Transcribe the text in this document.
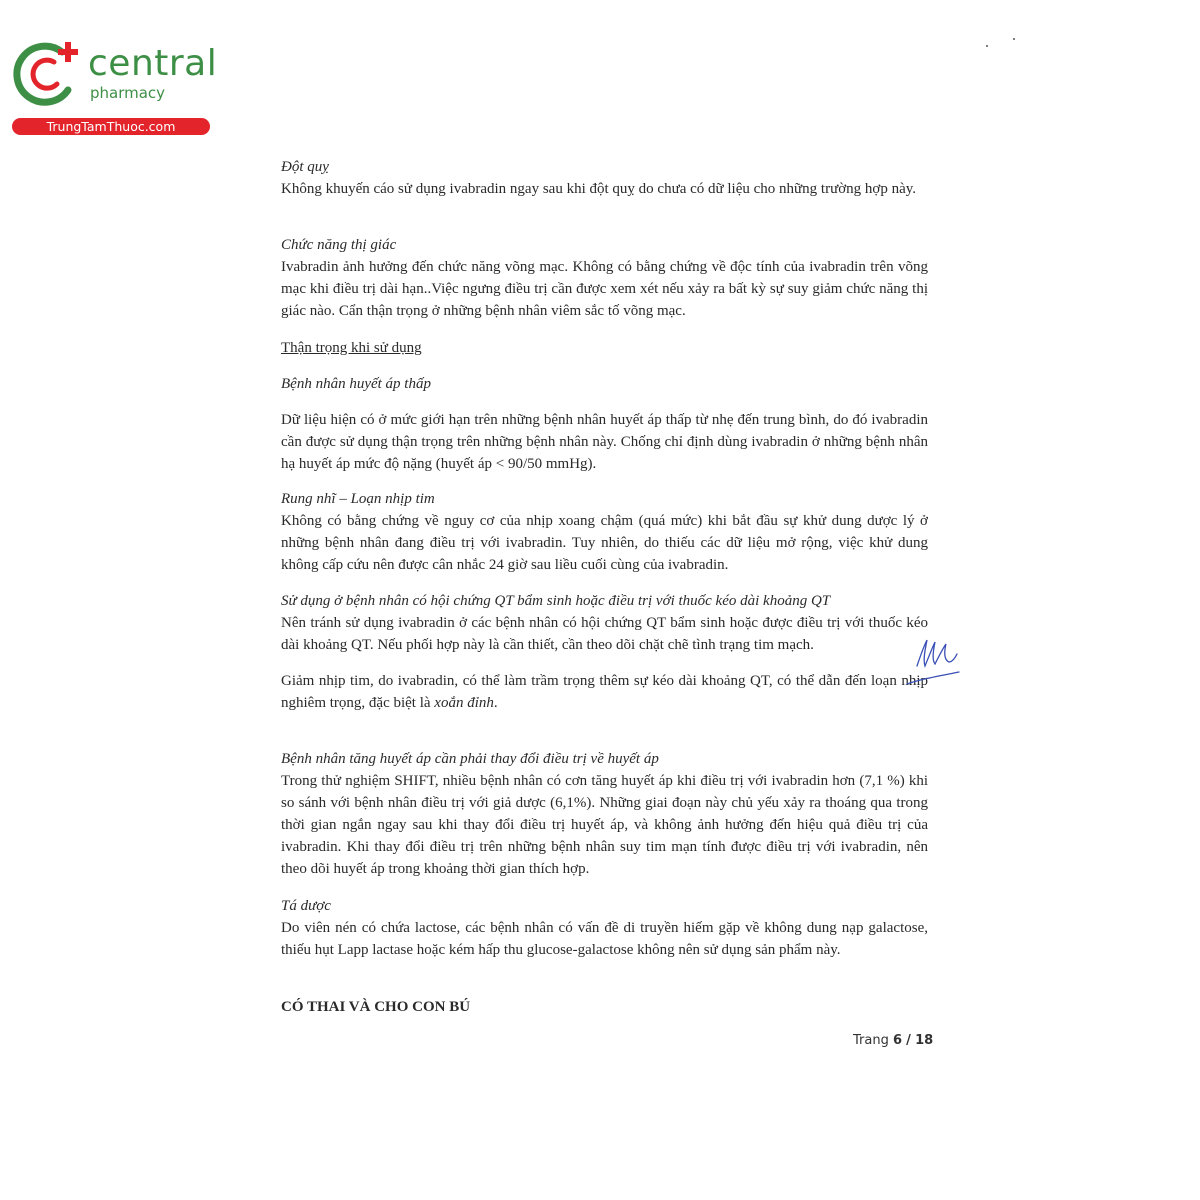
central
pharmacy
TrungTamThuoc.com

Đột quỵ

Không khuyến cáo sử dụng ivabradin ngay sau khi đột quỵ do chưa có dữ liệu cho những trường hợp này.

Chức năng thị giác

Ivabradin ảnh hưởng đến chức năng võng mạc. Không có bằng chứng về độc tính của ivabradin trên võng mạc khi điều trị dài hạn..Việc ngưng điều trị cần được xem xét nếu xảy ra bất kỳ sự suy giảm chức năng thị giác nào. Cẩn thận trọng ở những bệnh nhân viêm sắc tố võng mạc.

Thận trọng khi sử dụng

Bệnh nhân huyết áp thấp

Dữ liệu hiện có ở mức giới hạn trên những bệnh nhân huyết áp thấp từ nhẹ đến trung bình, do đó ivabradin cần được sử dụng thận trọng trên những bệnh nhân này. Chống chỉ định dùng ivabradin ở những bệnh nhân hạ huyết áp mức độ nặng (huyết áp < 90/50 mmHg).

Rung nhĩ – Loạn nhịp tim

Không có bằng chứng về nguy cơ của nhịp xoang chậm (quá mức) khi bắt đầu sự khử dung dược lý ở những bệnh nhân đang điều trị với ivabradin. Tuy nhiên, do thiếu các dữ liệu mở rộng, việc khử dung không cấp cứu nên được cân nhắc 24 giờ sau liều cuối cùng của ivabradin.

Sử dụng ở bệnh nhân có hội chứng QT bẩm sinh hoặc điều trị với thuốc kéo dài khoảng QT

Nên tránh sử dụng ivabradin ở các bệnh nhân có hội chứng QT bẩm sinh hoặc được điều trị với thuốc kéo dài khoảng QT. Nếu phối hợp này là cần thiết, cần theo dõi chặt chẽ tình trạng tim mạch.

Giảm nhịp tim, do ivabradin, có thể làm trầm trọng thêm sự kéo dài khoảng QT, có thể dẫn đến loạn nhịp nghiêm trọng, đặc biệt là xoắn đỉnh.

Bệnh nhân tăng huyết áp cần phải thay đổi điều trị về huyết áp

Trong thử nghiệm SHIFT, nhiều bệnh nhân có cơn tăng huyết áp khi điều trị với ivabradin hơn (7,1 %) khi so sánh với bệnh nhân điều trị với giả dược (6,1%). Những giai đoạn này chủ yếu xảy ra thoáng qua trong thời gian ngắn ngay sau khi thay đổi điều trị huyết áp, và không ảnh hưởng đến hiệu quả điều trị của ivabradin. Khi thay đổi điều trị trên những bệnh nhân suy tim mạn tính được điều trị với ivabradin, nên theo dõi huyết áp trong khoảng thời gian thích hợp.

Tá dược

Do viên nén có chứa lactose, các bệnh nhân có vấn đề di truyền hiếm gặp về không dung nạp galactose, thiếu hụt Lapp lactase hoặc kém hấp thu glucose-galactose không nên sử dụng sản phẩm này.

CÓ THAI VÀ CHO CON BÚ

Trang 6 / 18
